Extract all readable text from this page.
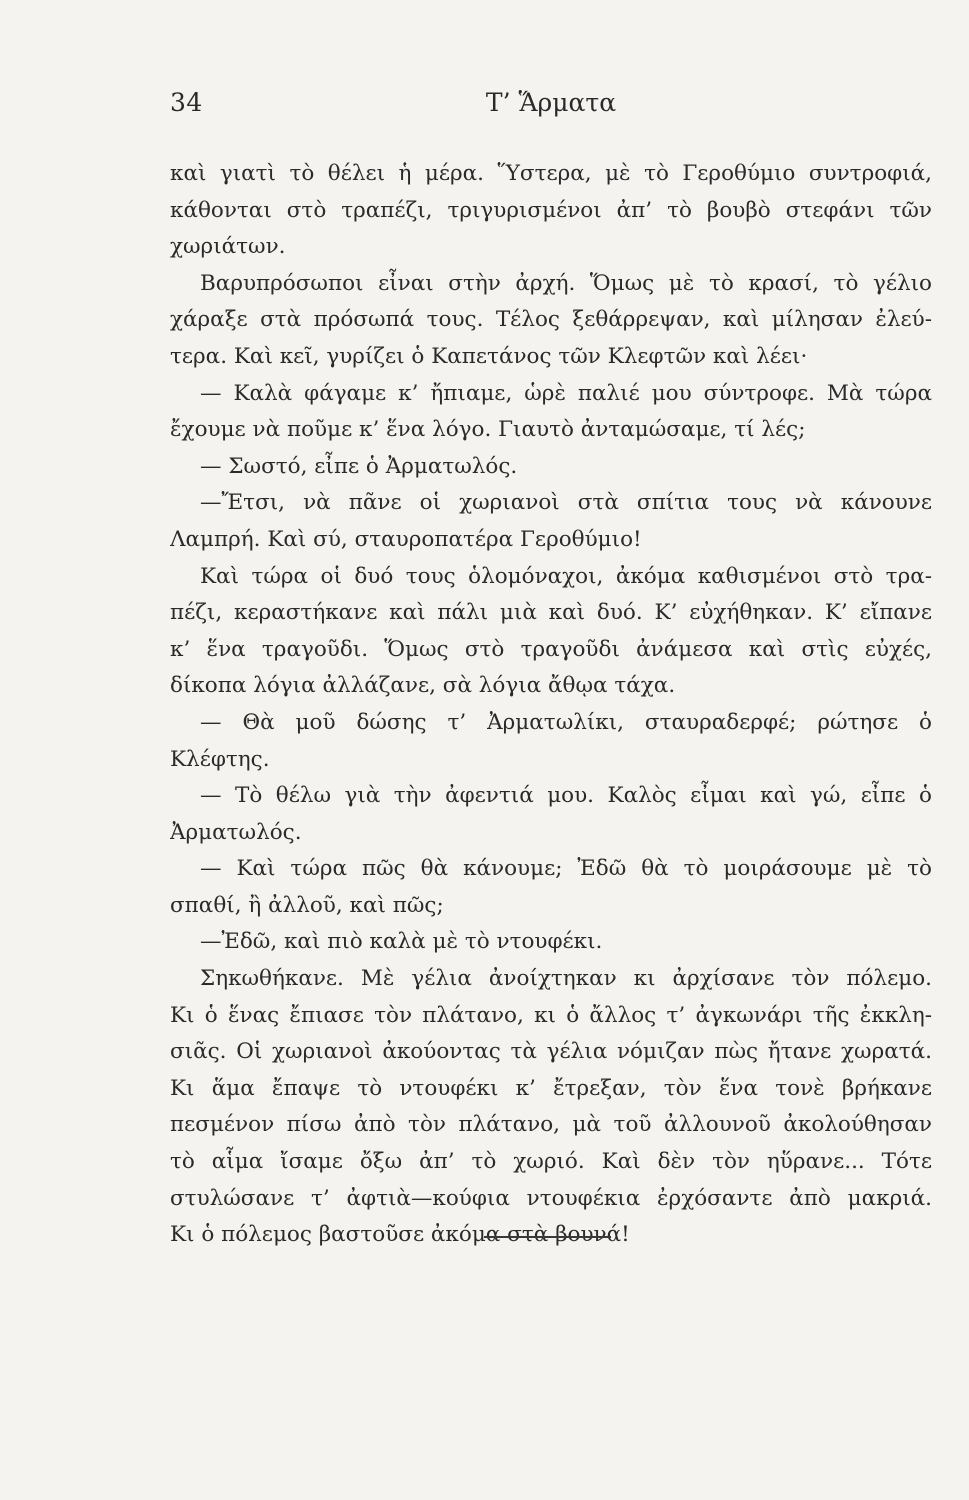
34	Τ’ Ἅρματα
καὶ γιατὶ τὸ θέλει ἡ μέρα. Ὕστερα, μὲ τὸ Γεροθύμιο συντροφιά,
κάθονται στὸ τραπέζι, τριγυρισμένοι ἀπ’ τὸ βουβὸ στεφάνι τῶν
χωριάτων.
Βαρυπρόσωποι εἶναι στὴν ἀρχή. Ὅμως μὲ τὸ κρασί, τὸ γέλιο
χάραξε στὰ πρόσωπά τους. Τέλος ξεθάρρεψαν, καὶ μίλησαν ἐλεύ-
τερα. Καὶ κεῖ, γυρίζει ὁ Καπετάνος τῶν Κλεφτῶν καὶ λέει·
— Καλὰ φάγαμε κ’ ἤπιαμε, ὡρὲ παλιέ μου σύντροφε. Μὰ τώρα
ἔχουμε νὰ ποῦμε κ’ ἕνα λόγο. Γιαυτὸ ἀνταμώσαμε, τί λές;
— Σωστό, εἶπε ὁ Ἀρματωλός.
—Ἔτσι, νὰ πᾶνε οἱ χωριανοὶ στὰ σπίτια τους νὰ κάνουνε
Λαμπρή. Καὶ σύ, σταυροπατέρα Γεροθύμιο!
Καὶ τώρα οἱ δυό τους ὁλομόναχοι, ἀκόμα καθισμένοι στὸ τρα-
πέζι, κεραστήκανε καὶ πάλι μιὰ καὶ δυό. Κ’ εὐχήθηκαν. Κ’ εἴπανε
κ’ ἕνα τραγοῦδι. Ὅμως στὸ τραγοῦδι ἀνάμεσα καὶ στὶς εὐχές,
δίκοπα λόγια ἀλλάζανε, σὰ λόγια ἄθῳα τάχα.
— Θὰ μοῦ δώσης τ’ Ἀρματωλίκι, σταυραδερφέ; ρώτησε ὁ
Κλέφτης.
— Τὸ θέλω γιὰ τὴν ἀφεντιά μου. Καλὸς εἶμαι καὶ γώ, εἶπε ὁ
Ἀρματωλός.
— Καὶ τώρα πῶς θὰ κάνουμε; Ἐδῶ θὰ τὸ μοιράσουμε μὲ τὸ
σπαθί, ἢ ἀλλοῦ, καὶ πῶς;
—Ἐδῶ, καὶ πιὸ καλὰ μὲ τὸ ντουφέκι.
Σηκωθήκανε. Μὲ γέλια ἀνοίχτηκαν κι ἀρχίσανε τὸν πόλεμο.
Κι ὁ ἕνας ἔπιασε τὸν πλάτανο, κι ὁ ἄλλος τ’ ἀγκωνάρι τῆς ἐκκλη-
σιᾶς. Οἱ χωριανοὶ ἀκούοντας τὰ γέλια νόμιζαν πὼς ἤτανε χωρατά.
Κι ἅμα ἔπαψε τὸ ντουφέκι κ’ ἔτρεξαν, τὸν ἕνα τονὲ βρήκανε
πεσμένον πίσω ἀπὸ τὸν πλάτανο, μὰ τοῦ ἀλλουνοῦ ἀκολούθησαν
τὸ αἷμα ἴσαμε ὄξω ἀπ’ τὸ χωριό. Καὶ δὲν τὸν ηὕρανε... Τότε
στυλώσανε τ’ ἀφτιὰ—κούφια ντουφέκια ἐρχόσαντε ἀπὸ μακριά.
Κι ὁ πόλεμος βαστοῦσε ἀκόμα στὰ βουνά!
